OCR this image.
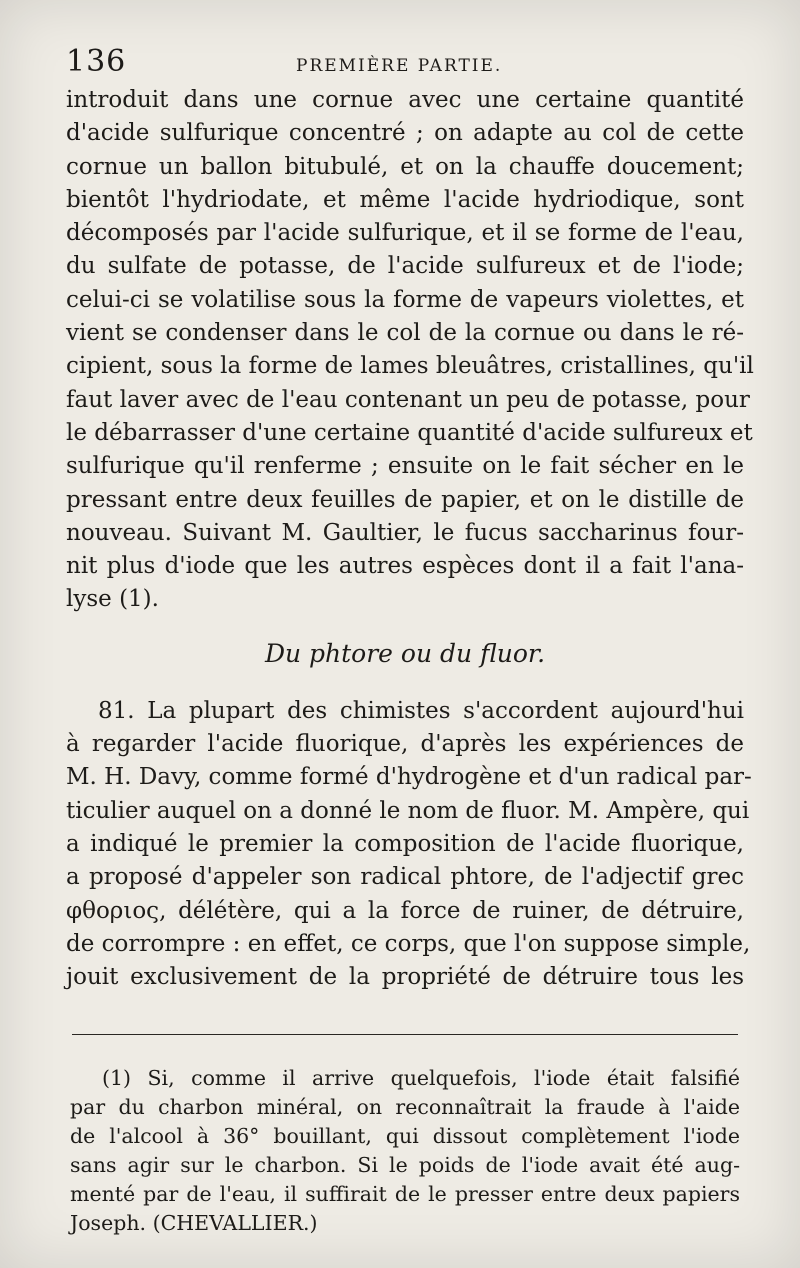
136	PREMIÈRE PARTIE.
introduit dans une cornue avec une certaine quantité
d'acide sulfurique concentré ; on adapte au col de cette
cornue un ballon bitubulé, et on la chauffe doucement;
bientôt l'hydriodate, et même l'acide hydriodique, sont
décomposés par l'acide sulfurique, et il se forme de l'eau,
du sulfate de potasse, de l'acide sulfureux et de l'iode;
celui-ci se volatilise sous la forme de vapeurs violettes, et
vient se condenser dans le col de la cornue ou dans le ré-
cipient, sous la forme de lames bleuâtres, cristallines, qu'il
faut laver avec de l'eau contenant un peu de potasse, pour
le débarrasser d'une certaine quantité d'acide sulfureux et
sulfurique qu'il renferme ; ensuite on le fait sécher en le
pressant entre deux feuilles de papier, et on le distille de
nouveau. Suivant M. Gaultier, le fucus saccharinus four-
nit plus d'iode que les autres espèces dont il a fait l'ana-
lyse (1).
Du phtore ou du fluor.
81. La plupart des chimistes s'accordent aujourd'hui
à regarder l'acide fluorique, d'après les expériences de
M. H. Davy, comme formé d'hydrogène et d'un radical par-
ticulier auquel on a donné le nom de fluor. M. Ampère, qui
a indiqué le premier la composition de l'acide fluorique,
a proposé d'appeler son radical phtore, de l'adjectif grec
φθοριος, délétère, qui a la force de ruiner, de détruire,
de corrompre : en effet, ce corps, que l'on suppose simple,
jouit exclusivement de la propriété de détruire tous les
(1) Si, comme il arrive quelquefois, l'iode était falsifié
par du charbon minéral, on reconnaîtrait la fraude à l'aide
de l'alcool à 36° bouillant, qui dissout complètement l'iode
sans agir sur le charbon. Si le poids de l'iode avait été aug-
menté par de l'eau, il suffirait de le presser entre deux papiers
Joseph. (CHEVALLIER.)
